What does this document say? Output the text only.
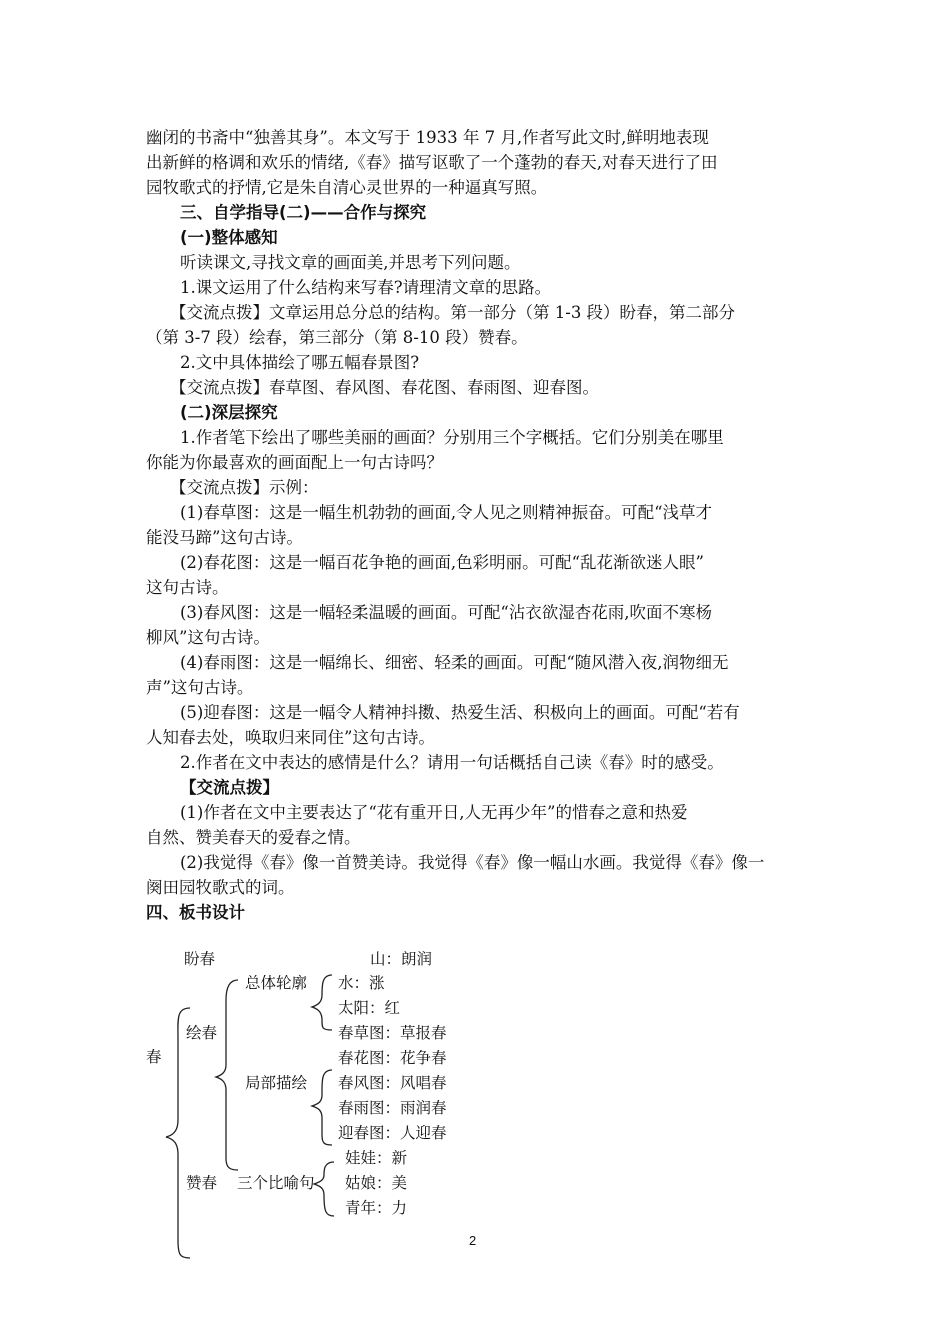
幽闭的书斋中“独善其身”。本文写于 1933 年 7 月,作者写此文时,鲜明地表现
出新鲜的格调和欢乐的情绪,《春》描写讴歌了一个蓬勃的春天,对春天进行了田
园牧歌式的抒情,它是朱自清心灵世界的一种逼真写照。
三、自学指导(二)——合作与探究
(一)整体感知
听读课文,寻找文章的画面美,并思考下列问题。
1.课文运用了什么结构来写春?请理清文章的思路。
【交流点拨】文章运用总分总的结构。第一部分（第 1-3 段）盼春，第二部分
（第 3-7 段）绘春，第三部分（第 8-10 段）赞春。
2.文中具体描绘了哪五幅春景图?
【交流点拨】春草图、春风图、春花图、春雨图、迎春图。
(二)深层探究
1.作者笔下绘出了哪些美丽的画面？分别用三个字概括。它们分别美在哪里
你能为你最喜欢的画面配上一句古诗吗？
【交流点拨】示例：
(1)春草图：这是一幅生机勃勃的画面,令人见之则精神振奋。可配“浅草才
能没马蹄”这句古诗。
(2)春花图：这是一幅百花争艳的画面,色彩明丽。可配“乱花渐欲迷人眼”
这句古诗。
(3)春风图：这是一幅轻柔温暖的画面。可配“沾衣欲湿杏花雨,吹面不寒杨
柳风”这句古诗。
(4)春雨图：这是一幅绵长、细密、轻柔的画面。可配“随风潜入夜,润物细无
声”这句古诗。
(5)迎春图：这是一幅令人精神抖擞、热爱生活、积极向上的画面。可配“若有
人知春去处，唤取归来同住”这句古诗。
2.作者在文中表达的感情是什么？请用一句话概括自己读《春》时的感受。
【交流点拨】
(1)作者在文中主要表达了“花有重开日,人无再少年”的惜春之意和热爱
自然、赞美春天的爱春之情。
(2)我觉得《春》像一首赞美诗。我觉得《春》像一幅山水画。我觉得《春》像一
阕田园牧歌式的词。
四、板书设计
春
盼春	山：朗润
绘春
总体轮廓 水：涨
太阳：红
春草图：草报春
春花图：花争春
局部描绘 春风图：风唱春
春雨图：雨润春
迎春图：人迎春
娃娃：新
赞春 三个比喻句 姑娘：美
青年：力
2
